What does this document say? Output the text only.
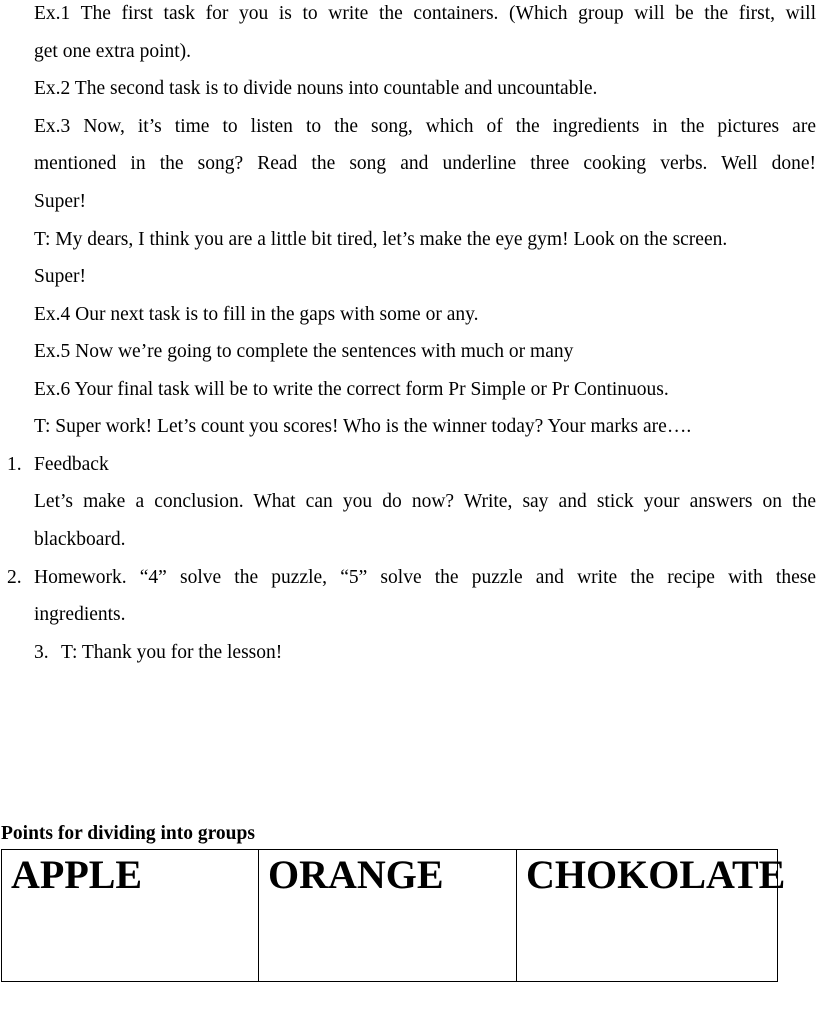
Ex.1 The first task for you is to write the containers. (Which group will be the first, will
get one extra point).
Ex.2 The second task is to divide nouns into countable and uncountable.
Ex.3 Now, it’s time to listen to the song, which of the ingredients in the pictures are
mentioned in the song? Read the song and underline three cooking verbs. Well done!
Super!
T: My dears, I think you are a little bit tired, let’s make the eye gym! Look on the screen.
Super!
Ex.4 Our next task is to fill in the gaps with some or any.
Ex.5 Now we’re going to complete the sentences with much or many
Ex.6 Your final task will be to write the correct form Pr Simple or Pr Continuous.
T: Super work! Let’s count you scores! Who is the winner today? Your marks are….
1. Feedback
Let’s make a conclusion. What can you do now? Write, say and stick your answers on the
blackboard.
2. Homework. “4” solve the puzzle, “5” solve the puzzle and write the recipe with these
ingredients.
3. T: Thank you for the lesson!
Points for dividing into groups
APPLE	ORANGE	CHOKOLATE
